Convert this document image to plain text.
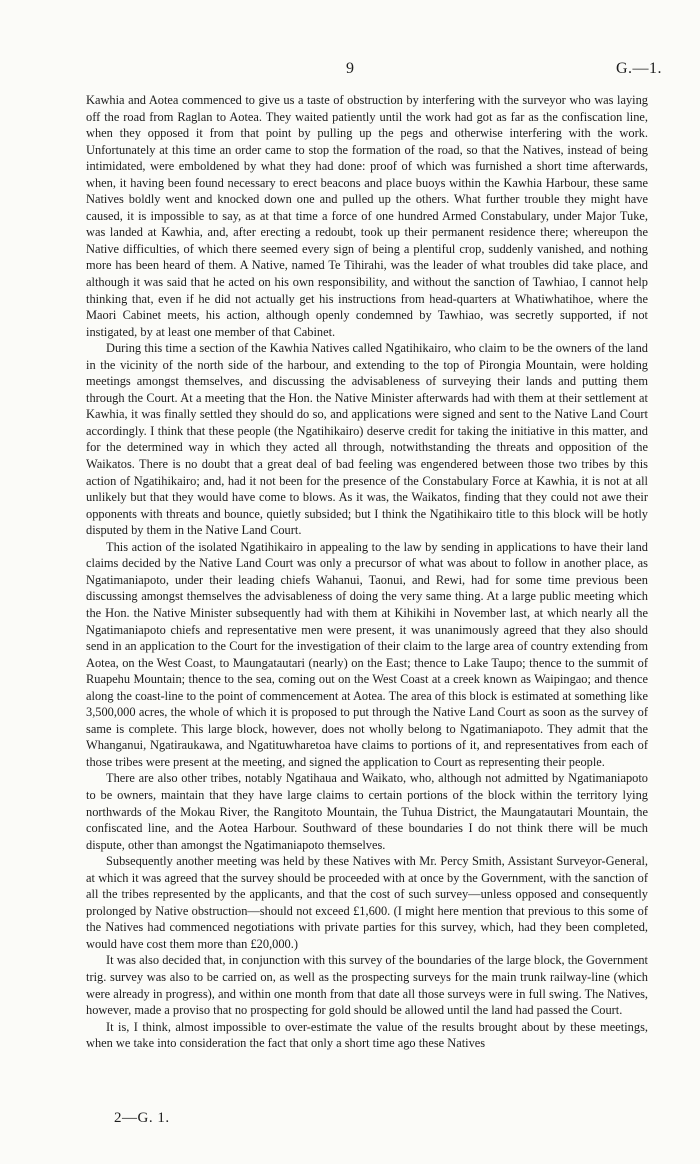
9	G.—1.

Kawhia and Aotea commenced to give us a taste of obstruction by interfering with the surveyor who was laying off the road from Raglan to Aotea. They waited patiently until the work had got as far as the confiscation line, when they opposed it from that point by pulling up the pegs and otherwise interfering with the work. Unfortunately at this time an order came to stop the formation of the road, so that the Natives, instead of being intimidated, were emboldened by what they had done: proof of which was furnished a short time afterwards, when, it having been found necessary to erect beacons and place buoys within the Kawhia Harbour, these same Natives boldly went and knocked down one and pulled up the others. What further trouble they might have caused, it is impossible to say, as at that time a force of one hundred Armed Constabulary, under Major Tuke, was landed at Kawhia, and, after erecting a redoubt, took up their permanent residence there; whereupon the Native difficulties, of which there seemed every sign of being a plentiful crop, suddenly vanished, and nothing more has been heard of them. A Native, named Te Tihirahi, was the leader of what troubles did take place, and although it was said that he acted on his own responsibility, and without the sanction of Tawhiao, I cannot help thinking that, even if he did not actually get his instructions from head-quarters at Whatiwhatihoe, where the Maori Cabinet meets, his action, although openly condemned by Tawhiao, was secretly supported, if not instigated, by at least one member of that Cabinet.

During this time a section of the Kawhia Natives called Ngatihikairo, who claim to be the owners of the land in the vicinity of the north side of the harbour, and extending to the top of Pirongia Mountain, were holding meetings amongst themselves, and discussing the advisableness of surveying their lands and putting them through the Court. At a meeting that the Hon. the Native Minister afterwards had with them at their settlement at Kawhia, it was finally settled they should do so, and applications were signed and sent to the Native Land Court accordingly. I think that these people (the Ngatihikairo) deserve credit for taking the initiative in this matter, and for the determined way in which they acted all through, notwithstanding the threats and opposition of the Waikatos. There is no doubt that a great deal of bad feeling was engendered between those two tribes by this action of Ngatihikairo; and, had it not been for the presence of the Constabulary Force at Kawhia, it is not at all unlikely but that they would have come to blows. As it was, the Waikatos, finding that they could not awe their opponents with threats and bounce, quietly subsided; but I think the Ngatihikairo title to this block will be hotly disputed by them in the Native Land Court.

This action of the isolated Ngatihikairo in appealing to the law by sending in applications to have their land claims decided by the Native Land Court was only a precursor of what was about to follow in another place, as Ngatimaniapoto, under their leading chiefs Wahanui, Taonui, and Rewi, had for some time previous been discussing amongst themselves the advisableness of doing the very same thing. At a large public meeting which the Hon. the Native Minister subsequently had with them at Kihikihi in November last, at which nearly all the Ngatimaniapoto chiefs and representative men were present, it was unanimously agreed that they also should send in an application to the Court for the investigation of their claim to the large area of country extending from Aotea, on the West Coast, to Maungatautari (nearly) on the East; thence to Lake Taupo; thence to the summit of Ruapehu Mountain; thence to the sea, coming out on the West Coast at a creek known as Waipingao; and thence along the coast-line to the point of commencement at Aotea. The area of this block is estimated at something like 3,500,000 acres, the whole of which it is proposed to put through the Native Land Court as soon as the survey of same is complete. This large block, however, does not wholly belong to Ngatimaniapoto. They admit that the Whanganui, Ngatiraukawa, and Ngatituwharetoa have claims to portions of it, and representatives from each of those tribes were present at the meeting, and signed the application to Court as representing their people.

There are also other tribes, notably Ngatihaua and Waikato, who, although not admitted by Ngatimaniapoto to be owners, maintain that they have large claims to certain portions of the block within the territory lying northwards of the Mokau River, the Rangitoto Mountain, the Tuhua District, the Maungatautari Mountain, the confiscated line, and the Aotea Harbour. Southward of these boundaries I do not think there will be much dispute, other than amongst the Ngatimaniapoto themselves.

Subsequently another meeting was held by these Natives with Mr. Percy Smith, Assistant Surveyor-General, at which it was agreed that the survey should be proceeded with at once by the Government, with the sanction of all the tribes represented by the applicants, and that the cost of such survey—unless opposed and consequently prolonged by Native obstruction—should not exceed £1,600. (I might here mention that previous to this some of the Natives had commenced negotiations with private parties for this survey, which, had they been completed, would have cost them more than £20,000.)

It was also decided that, in conjunction with this survey of the boundaries of the large block, the Government trig. survey was also to be carried on, as well as the prospecting surveys for the main trunk railway-line (which were already in progress), and within one month from that date all those surveys were in full swing. The Natives, however, made a proviso that no prospecting for gold should be allowed until the land had passed the Court.

It is, I think, almost impossible to over-estimate the value of the results brought about by these meetings, when we take into consideration the fact that only a short time ago these Natives

2—G. 1.
